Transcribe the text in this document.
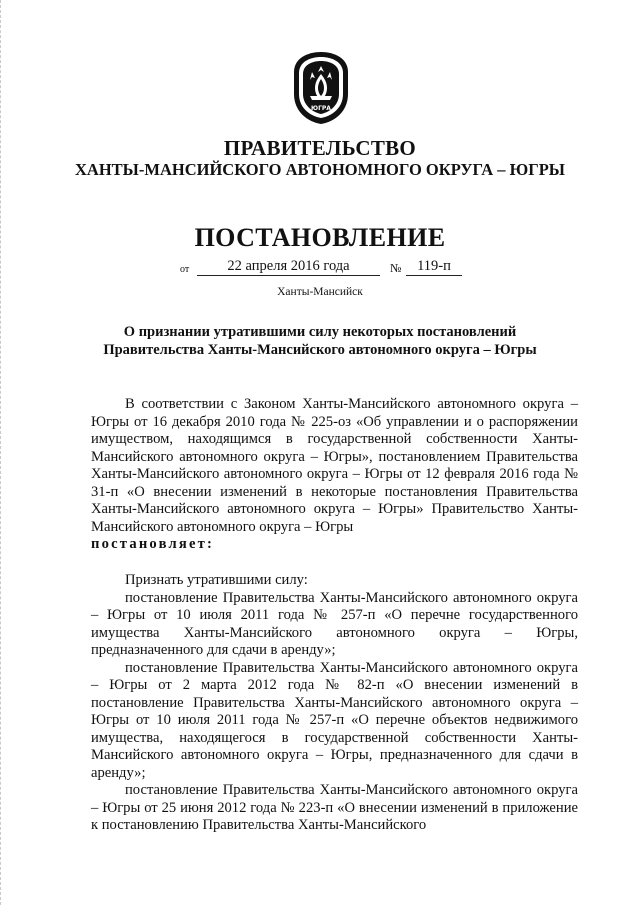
ЮГРА
ПРАВИТЕЛЬСТВО
ХАНТЫ-МАНСИЙСКОГО АВТОНОМНОГО ОКРУГА – ЮГРЫ
ПОСТАНОВЛЕНИЕ
от	22 апреля 2016 года	№	119-п
Ханты-Мансийск
О признании утратившими силу некоторых постановлений
Правительства Ханты-Мансийского автономного округа – Югры

В соответствии с Законом Ханты-Мансийского автономного округа – Югры от 16 декабря 2010 года № 225-оз «Об управлении и о распоряжении имуществом, находящимся в государственной собственности Ханты-Мансийского автономного округа – Югры», постановлением Правительства Ханты-Мансийского автономного округа – Югры от 12 февраля 2016 года № 31-п «О внесении изменений в некоторые постановления Правительства Ханты-Мансийского автономного округа – Югры» Правительство Ханты-Мансийского автономного округа – Югры

постановляет:

Признать утратившими силу:

постановление Правительства Ханты-Мансийского автономного округа – Югры от 10 июля 2011 года № 257-п «О перечне государственного имущества Ханты-Мансийского автономного округа – Югры, предназначенного для сдачи в аренду»;

постановление Правительства Ханты-Мансийского автономного округа – Югры от 2 марта 2012 года № 82-п «О внесении изменений в постановление Правительства Ханты-Мансийского автономного округа – Югры от 10 июля 2011 года № 257-п «О перечне объектов недвижимого имущества, находящегося в государственной собственности Ханты-Мансийского автономного округа – Югры, предназначенного для сдачи в аренду»;

постановление Правительства Ханты-Мансийского автономного округа – Югры от 25 июня 2012 года № 223-п «О внесении изменений в приложение к постановлению Правительства Ханты-Мансийского
